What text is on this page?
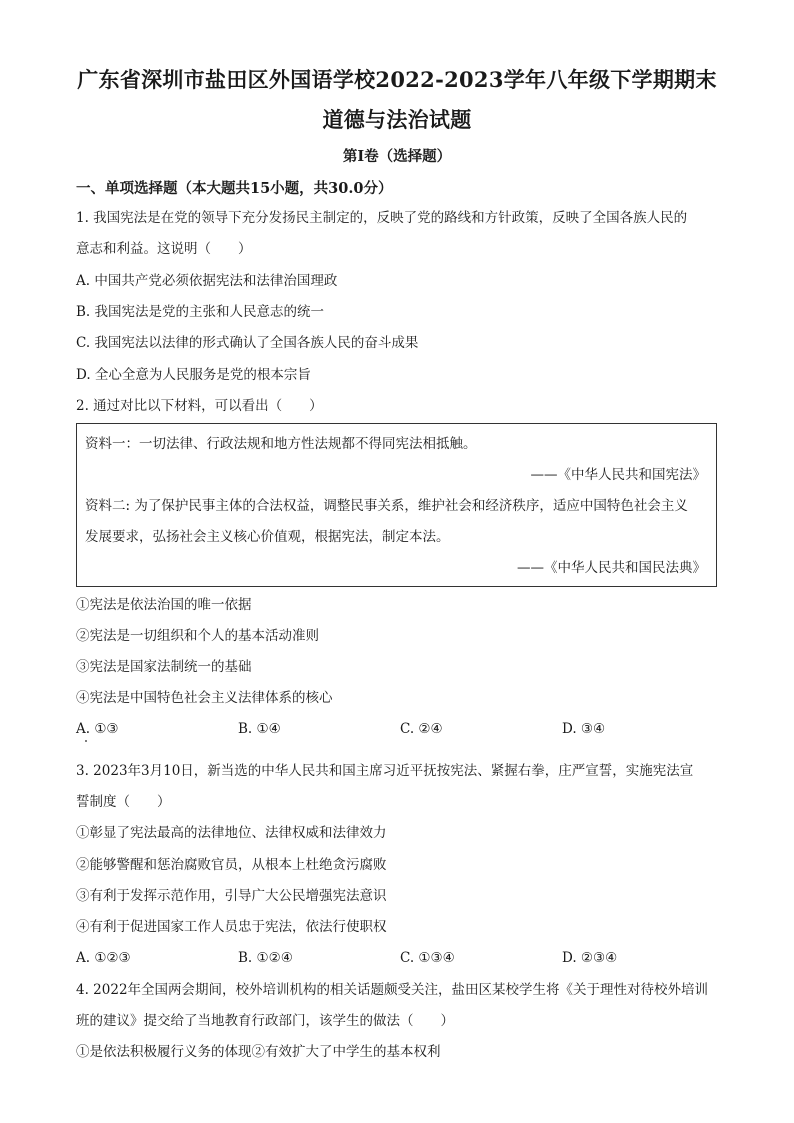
广东省深圳市盐田区外国语学校2022-2023学年八年级下学期期末
道德与法治试题
第Ⅰ卷（选择题）
一、单项选择题（本大题共15小题，共30.0分）
1. 我国宪法是在党的领导下充分发扬民主制定的，反映了党的路线和方针政策，反映了全国各族人民的
意志和利益。这说明（　　）
A. 中国共产党必须依据宪法和法律治国理政
B. 我国宪法是党的主张和人民意志的统一
C. 我国宪法以法律的形式确认了全国各族人民的奋斗成果
D. 全心全意为人民服务是党的根本宗旨
2. 通过对比以下材料，可以看出（　　）
资料一：一切法律、行政法规和地方性法规都不得同宪法相抵触。
——《中华人民共和国宪法》
资料二: 为了保护民事主体的合法权益，调整民事关系，维护社会和经济秩序，适应中国特色社会主义
发展要求，弘扬社会主义核心价值观，根据宪法，制定本法。
——《中华人民共和国民法典》
①宪法是依法治国的唯一依据
②宪法是一切组织和个人的基本活动准则
③宪法是国家法制统一的基础
④宪法是中国特色社会主义法律体系的核心
A. ①③	B. ①④	C. ②④	D. ③④
3. 2023年3月10日，新当选的中华人民共和国主席习近平抚按宪法、紧握右拳，庄严宣誓，实施宪法宣
誓制度（　　）
①彰显了宪法最高的法律地位、法律权威和法律效力
②能够警醒和惩治腐败官员，从根本上杜绝贪污腐败
③有利于发挥示范作用，引导广大公民增强宪法意识
④有利于促进国家工作人员忠于宪法，依法行使职权
A. ①②③	B. ①②④	C. ①③④	D. ②③④
4. 2022年全国两会期间，校外培训机构的相关话题颇受关注，盐田区某校学生将《关于理性对待校外培训
班的建议》提交给了当地教育行政部门，该学生的做法（　　）
①是依法积极履行义务的体现②有效扩大了中学生的基本权利
